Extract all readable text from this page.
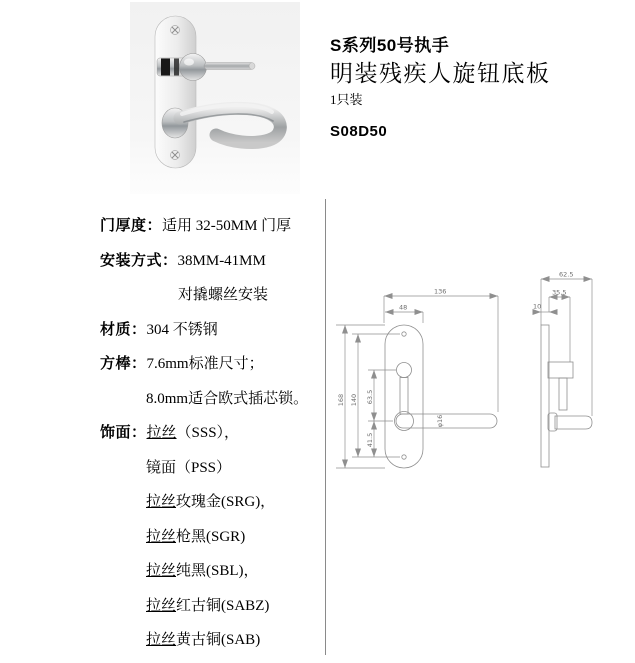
S系列50号执手
明装残疾人旋钮底板
1只装
S08D50
门厚度：适用 32-50MM 门厚
安装方式：38MM-41MM
对撬螺丝安装
材质：304 不锈钢
方棒：7.6mm标准尺寸；
8.0mm适合欧式插芯锁。
饰面：拉丝（SSS），
镜面（PSS）
拉丝玫瑰金(SRG)，
拉丝枪黑(SGR)
拉丝纯黑(SBL)，
拉丝红古铜(SABZ)
拉丝黄古铜(SAB)
136
48
168 140 63.5
41.5
φ16
62.5
35.5
10
